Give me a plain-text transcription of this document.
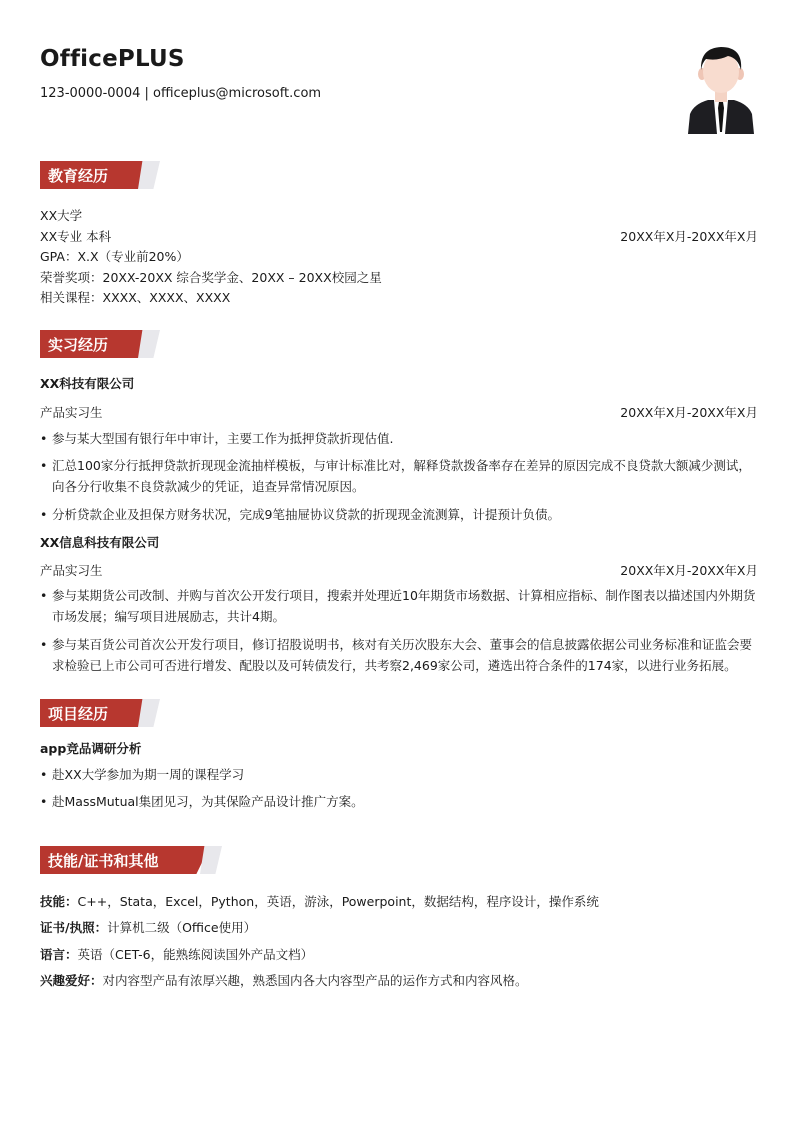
OfficePLUS
123-0000-0004 | officeplus@microsoft.com
教育经历
XX大学
XX专业 本科	20XX年X月-20XX年X月
GPA：X.X（专业前20%）
荣誉奖项：20XX-20XX 综合奖学金、20XX – 20XX校园之星
相关课程：XXXX、XXXX、XXXX
实习经历
XX科技有限公司
产品实习生	20XX年X月-20XX年X月
• 参与某大型国有银行年中审计，主要工作为抵押贷款折现估值.
• 汇总100家分行抵押贷款折现现金流抽样模板，与审计标准比对，解释贷款拨备率存在差异的原因完成不良贷款大额减少测试，向各分行收集不良贷款减少的凭证，追查异常情况原因。
• 分析贷款企业及担保方财务状况，完成9笔抽屉协议贷款的折现现金流测算，计提预计负债。
XX信息科技有限公司
产品实习生	20XX年X月-20XX年X月
• 参与某期货公司改制、并购与首次公开发行项目，搜索并处理近10年期货市场数据、计算相应指标、制作图表以描述国内外期货市场发展；编写项目进展励志，共计4期。
• 参与某百货公司首次公开发行项目，修订招股说明书，核对有关历次股东大会、董事会的信息披露依据公司业务标准和证监会要求检验已上市公司可否进行增发、配股以及可转债发行，共考察2,469家公司，遴选出符合条件的174家，以进行业务拓展。
项目经历
app竞品调研分析
• 赴XX大学参加为期一周的课程学习
• 赴MassMutual集团见习，为其保险产品设计推广方案。
技能/证书和其他
技能：C++，Stata，Excel，Python，英语，游泳，Powerpoint，数据结构，程序设计，操作系统
证书/执照：计算机二级（Office使用）
语言：英语（CET-6，能熟练阅读国外产品文档）
兴趣爱好：对内容型产品有浓厚兴趣，熟悉国内各大内容型产品的运作方式和内容风格。
